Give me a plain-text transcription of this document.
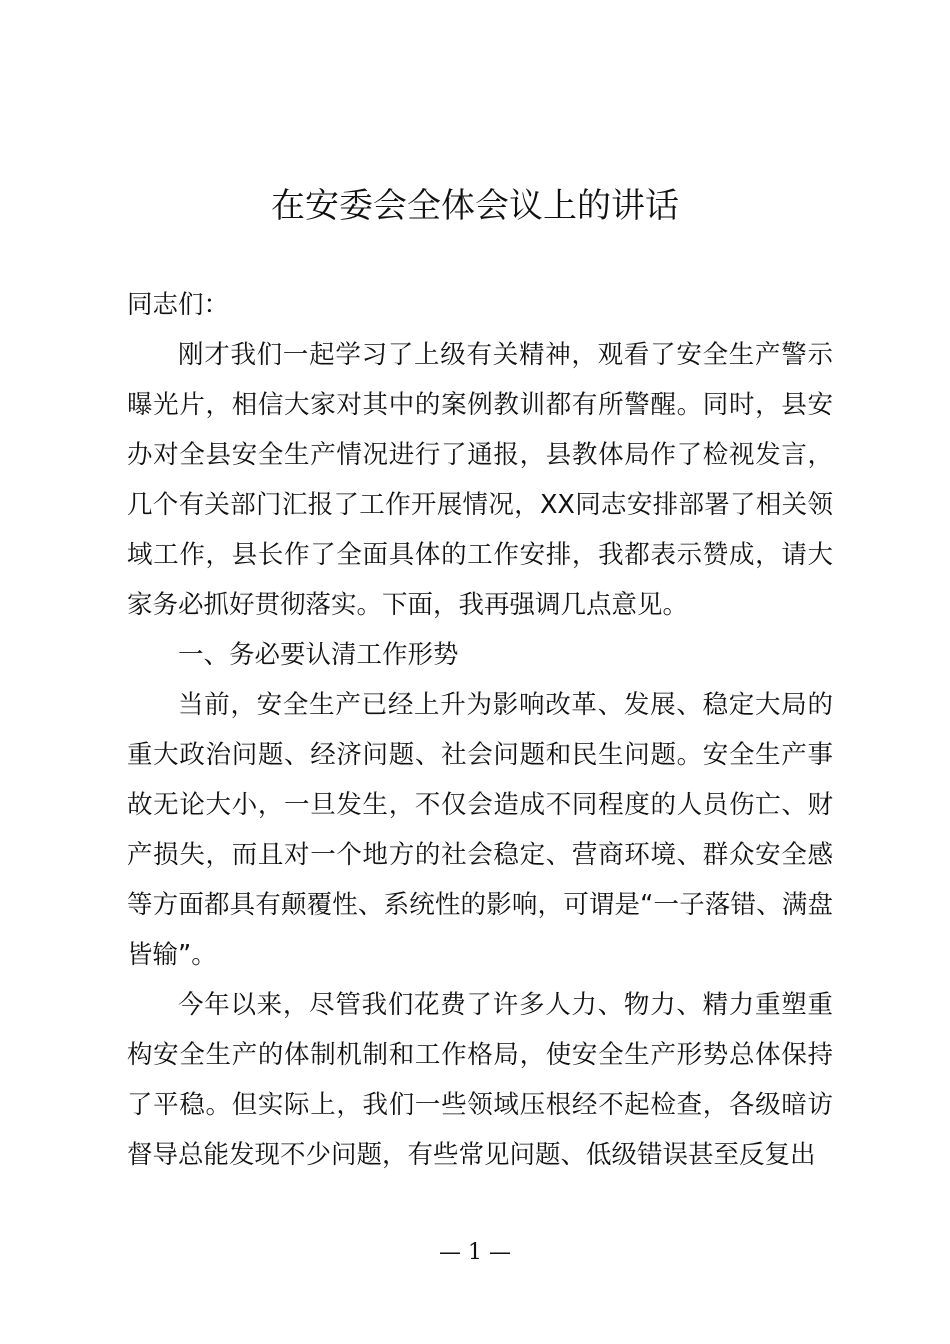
在安委会全体会议上的讲话

同志们：

刚才我们一起学习了上级有关精神，观看了安全生产警示曝光片，相信大家对其中的案例教训都有所警醒。同时，县安办对全县安全生产情况进行了通报，县教体局作了检视发言，几个有关部门汇报了工作开展情况，XX同志安排部署了相关领域工作，县长作了全面具体的工作安排，我都表示赞成，请大家务必抓好贯彻落实。下面，我再强调几点意见。

一、务必要认清工作形势

当前，安全生产已经上升为影响改革、发展、稳定大局的重大政治问题、经济问题、社会问题和民生问题。安全生产事故无论大小，一旦发生，不仅会造成不同程度的人员伤亡、财产损失，而且对一个地方的社会稳定、营商环境、群众安全感等方面都具有颠覆性、系统性的影响，可谓是“一子落错、满盘皆输”。

今年以来，尽管我们花费了许多人力、物力、精力重塑重构安全生产的体制机制和工作格局，使安全生产形势总体保持了平稳。但实际上，我们一些领域压根经不起检查，各级暗访督导总能发现不少问题，有些常见问题、低级错误甚至反复出

— 1 —
